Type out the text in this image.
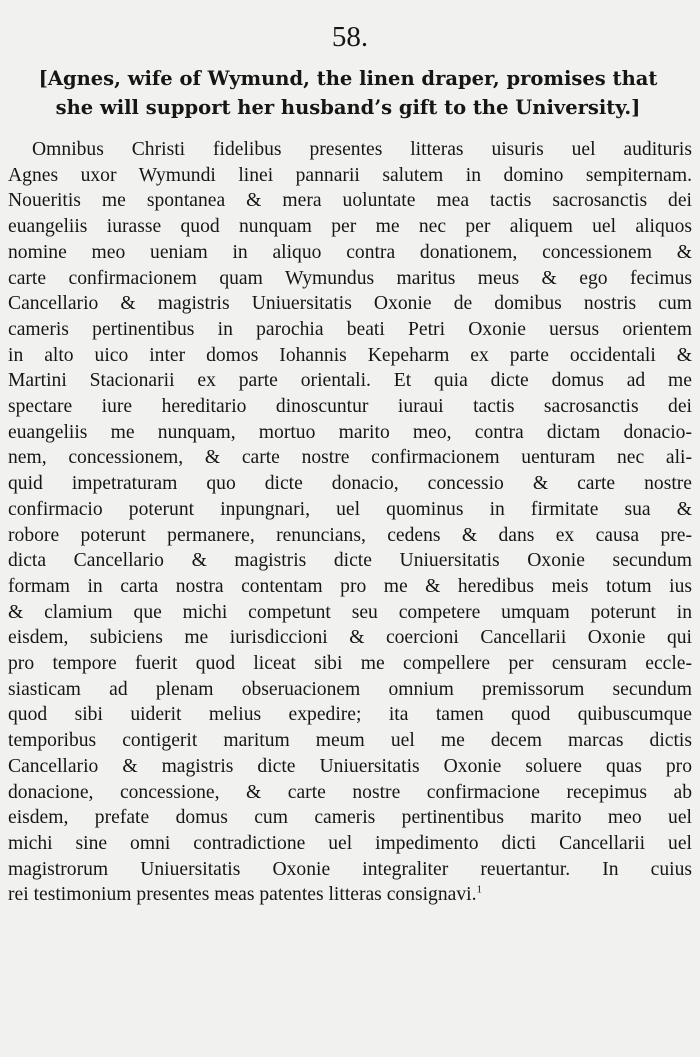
58.
[Agnes, wife of Wymund, the linen draper, promises that
she will support her husband’s gift to the University.]
Omnibus Christi fidelibus presentes litteras uisuris uel audituris
Agnes uxor Wymundi linei pannarii salutem in domino sempiternam.
Noueritis me spontanea & mera uoluntate mea tactis sacrosanctis dei
euangeliis iurasse quod nunquam per me nec per aliquem uel aliquos
nomine meo ueniam in aliquo contra donationem, concessionem &
carte confirmacionem quam Wymundus maritus meus & ego fecimus
Cancellario & magistris Uniuersitatis Oxonie de domibus nostris cum
cameris pertinentibus in parochia beati Petri Oxonie uersus orientem
in alto uico inter domos Iohannis Kepeharm ex parte occidentali &
Martini Stacionarii ex parte orientali. Et quia dicte domus ad me
spectare iure hereditario dinoscuntur iuraui tactis sacrosanctis dei
euangeliis me nunquam, mortuo marito meo, contra dictam donacio-
nem, concessionem, & carte nostre confirmacionem uenturam nec ali-
quid impetraturam quo dicte donacio, concessio & carte nostre
confirmacio poterunt inpungnari, uel quominus in firmitate sua &
robore poterunt permanere, renuncians, cedens & dans ex causa pre-
dicta Cancellario & magistris dicte Uniuersitatis Oxonie secundum
formam in carta nostra contentam pro me & heredibus meis totum ius
& clamium que michi competunt seu competere umquam poterunt in
eisdem, subiciens me iurisdiccioni & coercioni Cancellarii Oxonie qui
pro tempore fuerit quod liceat sibi me compellere per censuram eccle-
siasticam ad plenam obseruacionem omnium premissorum secundum
quod sibi uiderit melius expedire; ita tamen quod quibuscumque
temporibus contigerit maritum meum uel me decem marcas dictis
Cancellario & magistris dicte Uniuersitatis Oxonie soluere quas pro
donacione, concessione, & carte nostre confirmacione recepimus ab
eisdem, prefate domus cum cameris pertinentibus marito meo uel
michi sine omni contradictione uel impedimento dicti Cancellarii uel
magistrorum Uniuersitatis Oxonie integraliter reuertantur. In cuius
rei testimonium presentes meas patentes litteras consignavi.$^1$
